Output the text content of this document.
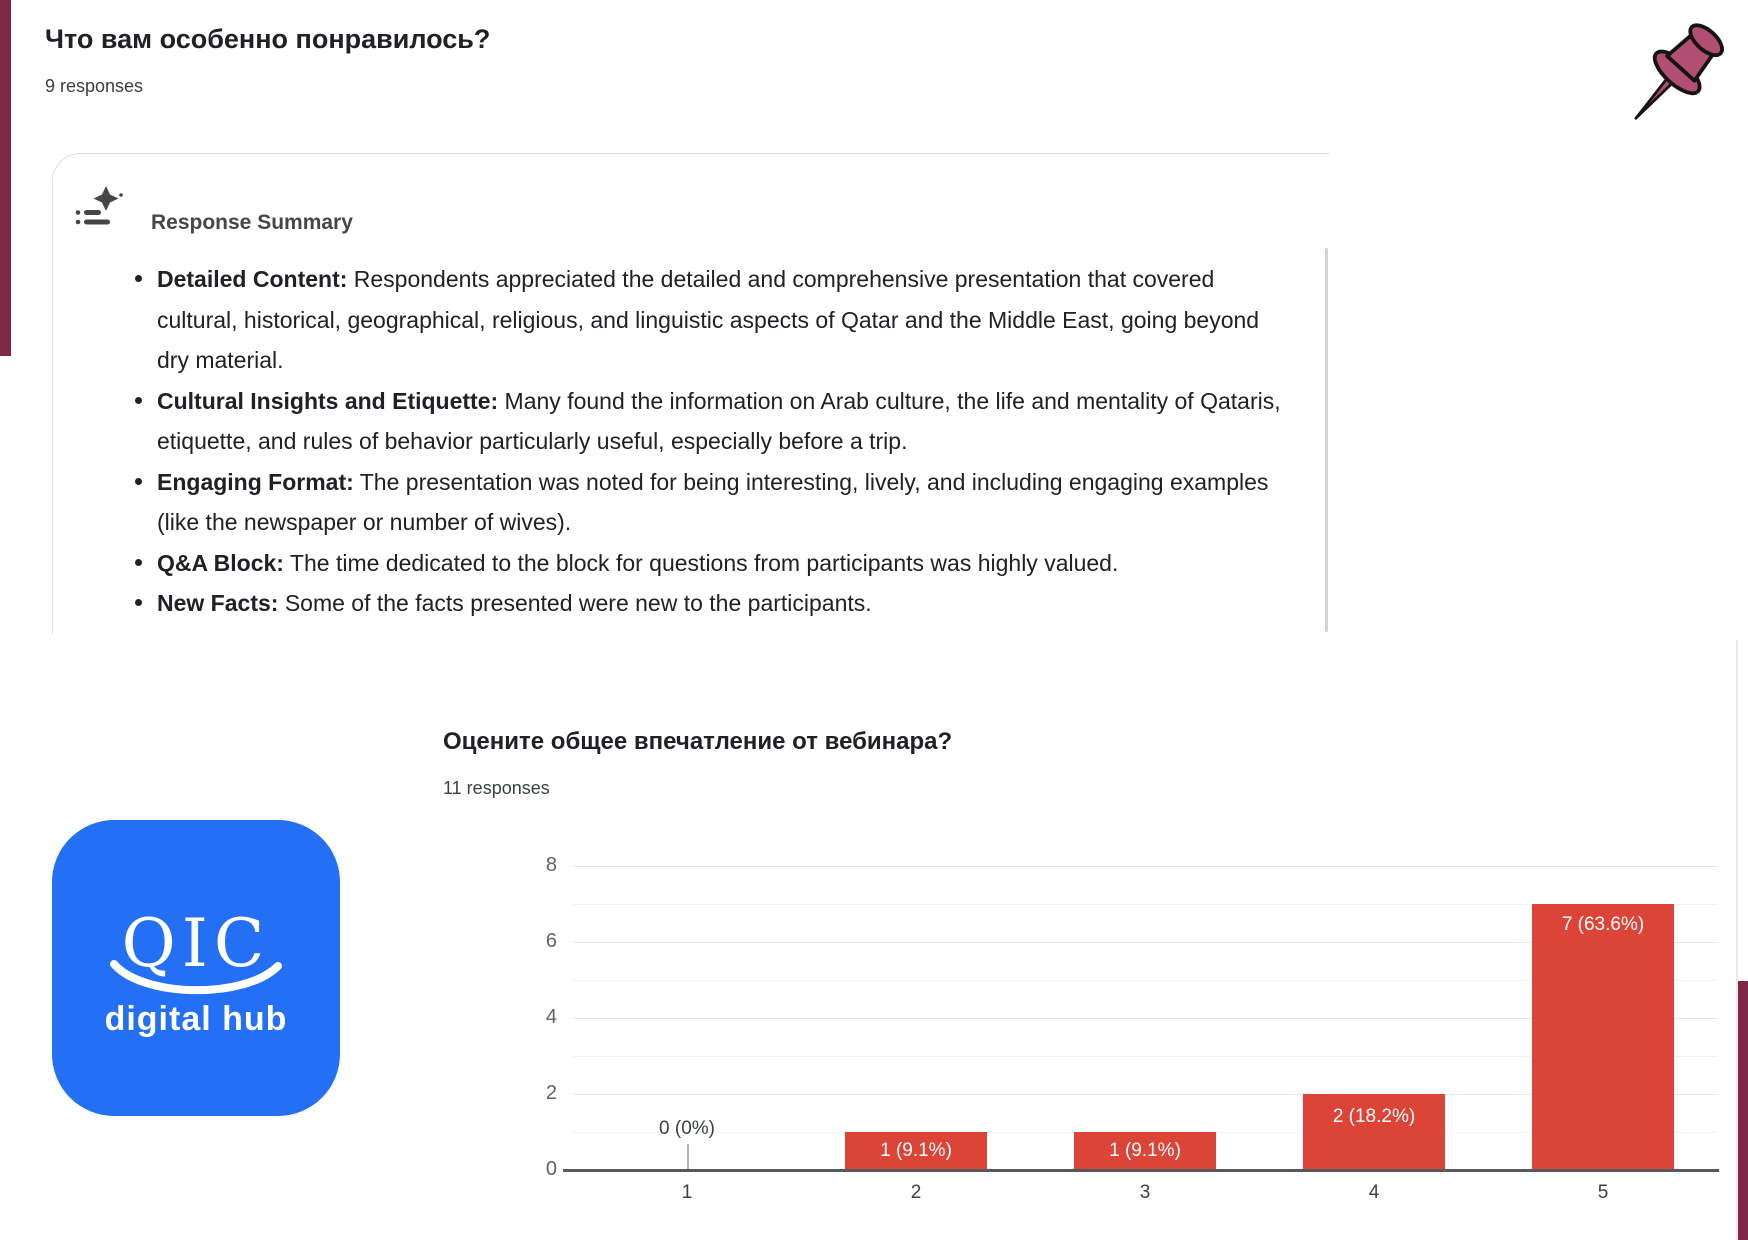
Что вам особенно понравилось?
9 responses
Response Summary
Detailed Content: Respondents appreciated the detailed and comprehensive presentation that covered cultural, historical, geographical, religious, and linguistic aspects of Qatar and the Middle East, going beyond dry material.
Cultural Insights and Etiquette: Many found the information on Arab culture, the life and mentality of Qataris, etiquette, and rules of behavior particularly useful, especially before a trip.
Engaging Format: The presentation was noted for being interesting, lively, and including engaging examples (like the newspaper or number of wives).
Q&A Block: The time dedicated to the block for questions from participants was highly valued.
New Facts: Some of the facts presented were new to the participants.
Оцените общее впечатление от вебинара?
11 responses
0
2
4
6
8
0 (0%)
1
1 (9.1%)
2
1 (9.1%)
3
2 (18.2%)
4
7 (63.6%)
5
QIC
digital hub
